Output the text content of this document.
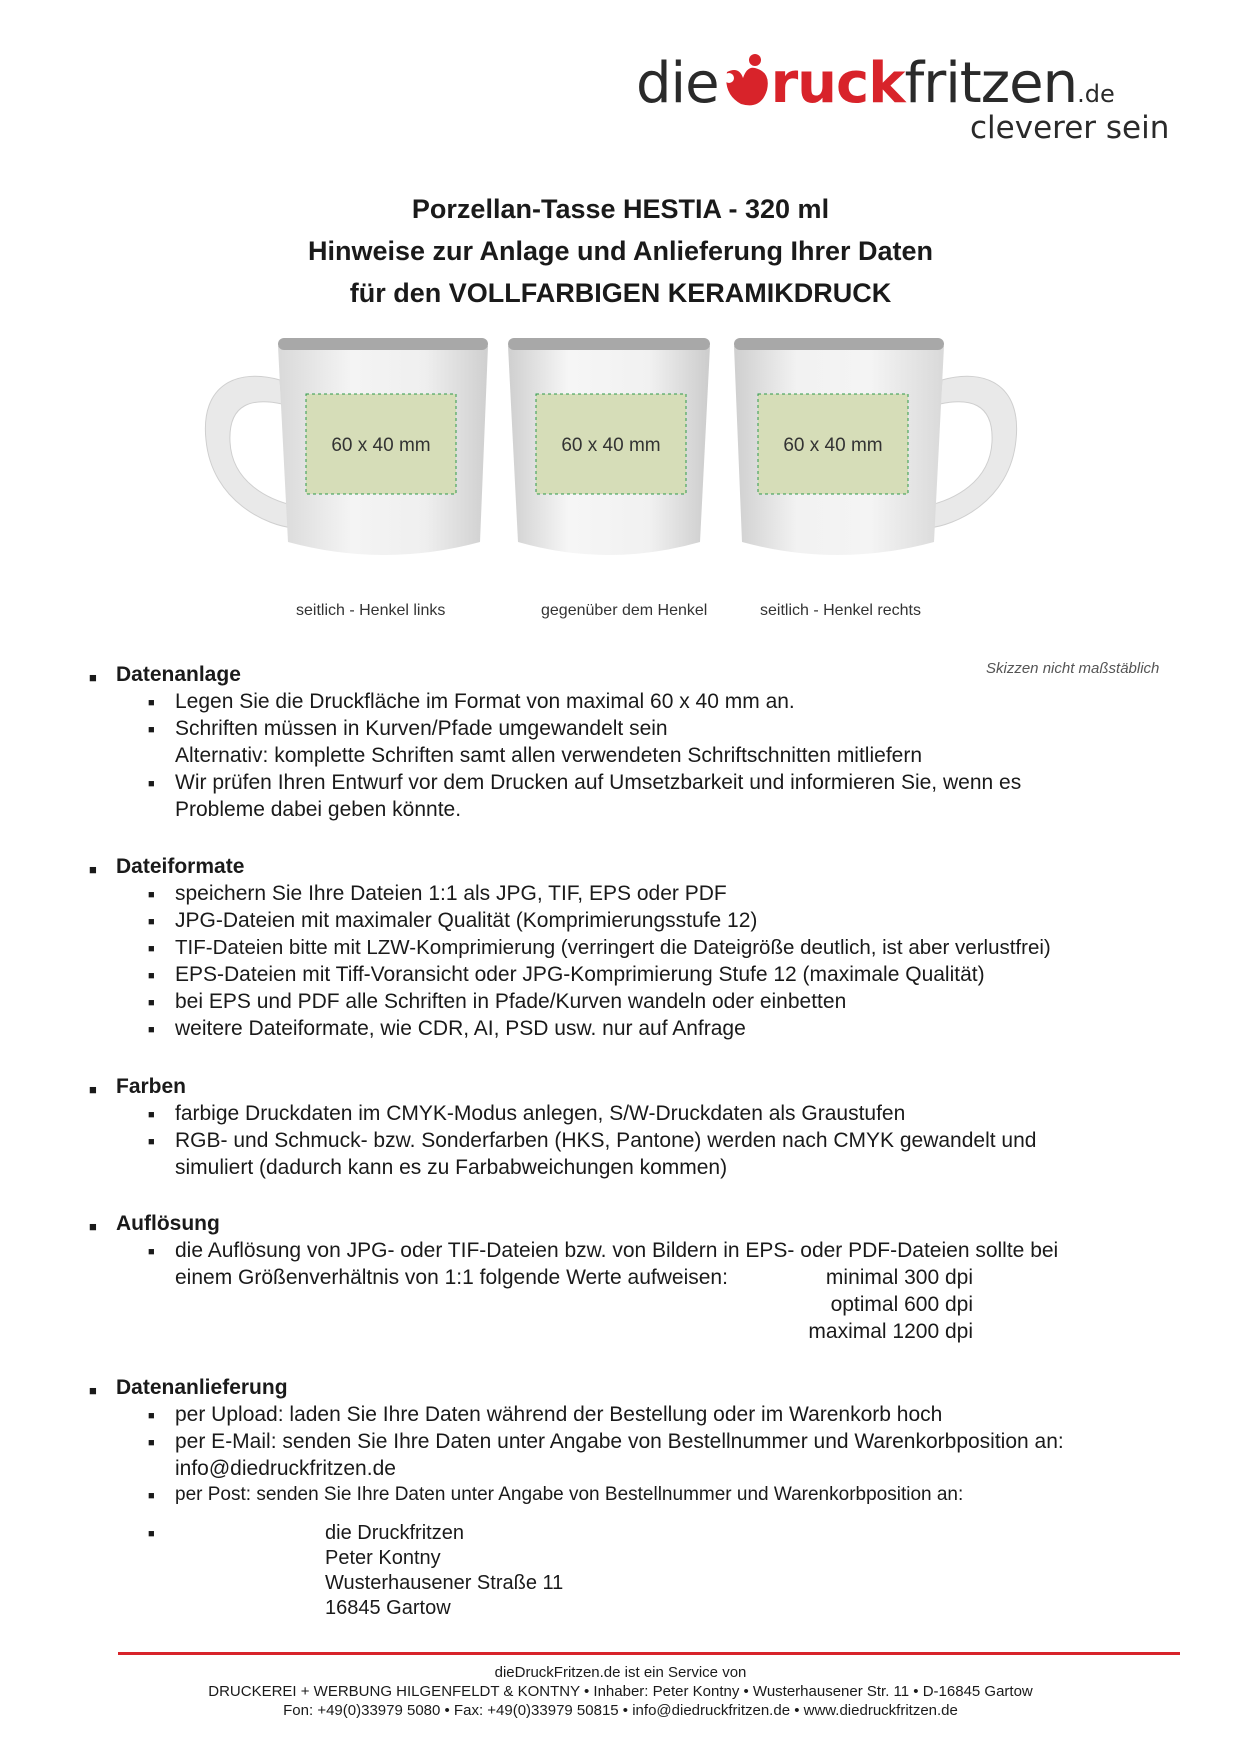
die ruckfritzen.de
cleverer sein
Porzellan-Tasse HESTIA - 320 ml
Hinweise zur Anlage und Anlieferung Ihrer Daten
für den VOLLFARBIGEN KERAMIKDRUCK
60 x 40 mm
seitlich - Henkel links
60 x 40 mm
gegenüber dem Henkel
60 x 40 mm
seitlich - Henkel rechts
Skizzen nicht maßstäblich
■ Datenanlage
■ Legen Sie die Druckfläche im Format von maximal 60 x 40 mm an.
■ Schriften müssen in Kurven/Pfade umgewandelt sein
Alternativ: komplette Schriften samt allen verwendeten Schriftschnitten mitliefern
■ Wir prüfen Ihren Entwurf vor dem Drucken auf Umsetzbarkeit und informieren Sie, wenn es
Probleme dabei geben könnte.
■ Dateiformate
■ speichern Sie Ihre Dateien 1:1 als JPG, TIF, EPS oder PDF
■ JPG-Dateien mit maximaler Qualität (Komprimierungsstufe 12)
■ TIF-Dateien bitte mit LZW-Komprimierung (verringert die Dateigröße deutlich, ist aber verlustfrei)
■ EPS-Dateien mit Tiff-Voransicht oder JPG-Komprimierung Stufe 12 (maximale Qualität)
■ bei EPS und PDF alle Schriften in Pfade/Kurven wandeln oder einbetten
■ weitere Dateiformate, wie CDR, AI, PSD usw. nur auf Anfrage
■ Farben
■ farbige Druckdaten im CMYK-Modus anlegen, S/W-Druckdaten als Graustufen
■ RGB- und Schmuck- bzw. Sonderfarben (HKS, Pantone) werden nach CMYK gewandelt und
simuliert (dadurch kann es zu Farbabweichungen kommen)
■ Auflösung
■ die Auflösung von JPG- oder TIF-Dateien bzw. von Bildern in EPS- oder PDF-Dateien sollte bei
einem Größenverhältnis von 1:1 folgende Werte aufweisen:	minimal 300 dpi
optimal 600 dpi
maximal 1200 dpi
■ Datenanlieferung
■ per Upload: laden Sie Ihre Daten während der Bestellung oder im Warenkorb hoch
■ per E-Mail: senden Sie Ihre Daten unter Angabe von Bestellnummer und Warenkorbposition an:
info@diedruckfritzen.de
■ per Post: senden Sie Ihre Daten unter Angabe von Bestellnummer und Warenkorbposition an:
■	die Druckfritzen
Peter Kontny
Wusterhausener Straße 11
16845 Gartow
dieDruckFritzen.de ist ein Service von
DRUCKEREI + WERBUNG HILGENFELDT & KONTNY • Inhaber: Peter Kontny • Wusterhausener Str. 11 • D-16845 Gartow
Fon: +49(0)33979 5080 • Fax: +49(0)33979 50815 • info@diedruckfritzen.de • www.diedruckfritzen.de
